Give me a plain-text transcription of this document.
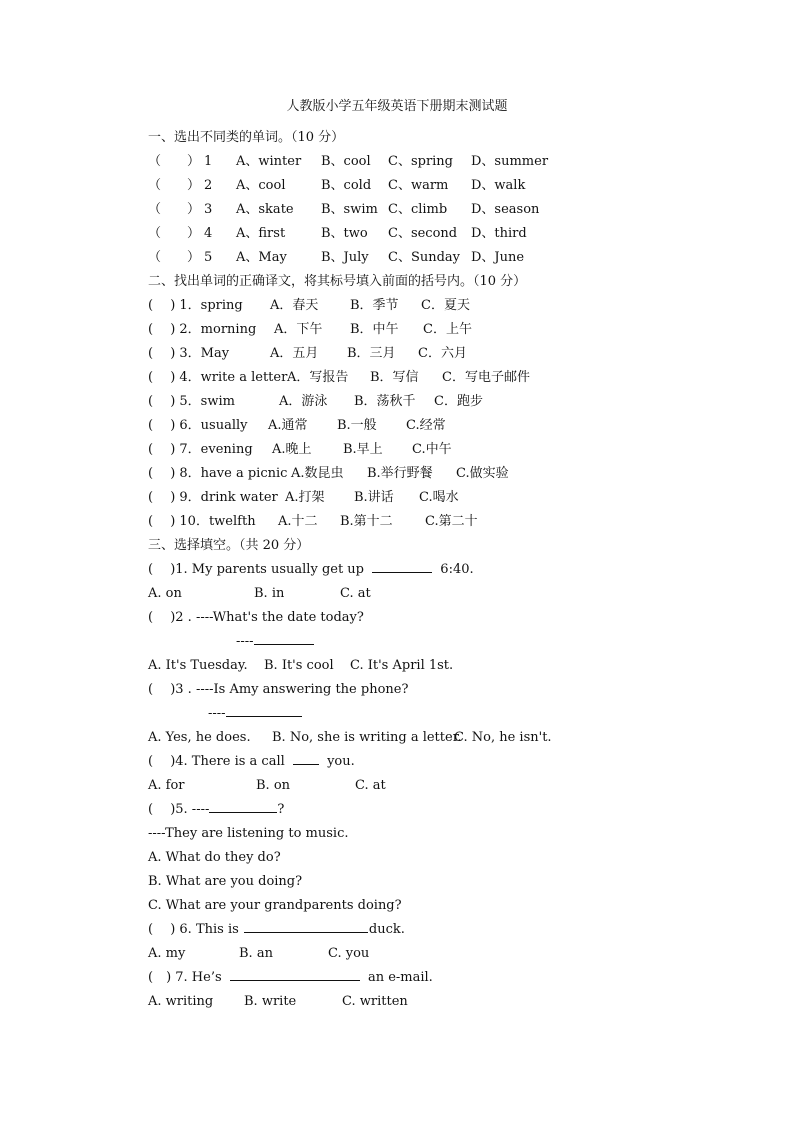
人教版小学五年级英语下册期末测试题
一、选出不同类的单词。（10 分）
（　　） 1 A、winter B、cool C、spring D、summer
（　　） 2 A、cool	B、cold C、warm D、walk
（　　） 3 A、skate B、swim C、climb D、season
（　　） 4 A、first	B、two C、second D、third
（　　） 5 A、May	B、July C、Sunday D、June
二、找出单词的正确译文，将其标号填入前面的括号内。（10 分）
( 　) 1．spring A．春天 B．季节 C．夏天
( 　) 2．morning A．下午 B．中午 C．上午
( 　) 3．May	A．五月 B．三月 C．六月
( 　) 4．write a letter A．写报告 B．写信 C．写电子邮件
( 　) 5．swim	A．游泳 B．荡秋千 C．跑步
( 　) 6．usually A.通常 B.一般 C.经常
( 　) 7．evening A.晚上 B.早上 C.中午
( 　) 8．have a picnic A.数昆虫 B.举行野餐 C.做实验
( 　) 9．drink water A.打架 B.讲话 C.喝水
( 　) 10．twelfth A.十二 B.第十二 C.第二十
三、选择填空。（共 20 分）
( 　)1. My parents usually get up	6:40.
A. on	B. in	C. at
( 　)2 . ----What's the date today?
----
A. It's Tuesday. B. It's cool C. It's April 1st.
( 　)3 . ----Is Amy answering the phone?
----
A. Yes, he does. B. No, she is writing a letter.
C. No, he isn't.
( 　)4. There is a call	you.
A. for	B. on	C. at
( 　)5. ----	?
----They are listening to music.
A. What do they do?
B. What are you doing?
C. What are your grandparents doing?
( 　) 6. This is	duck.
A. my	B. an	C. you
(　) 7. He’s	an e-mail.
A. writing B. write	C. written
